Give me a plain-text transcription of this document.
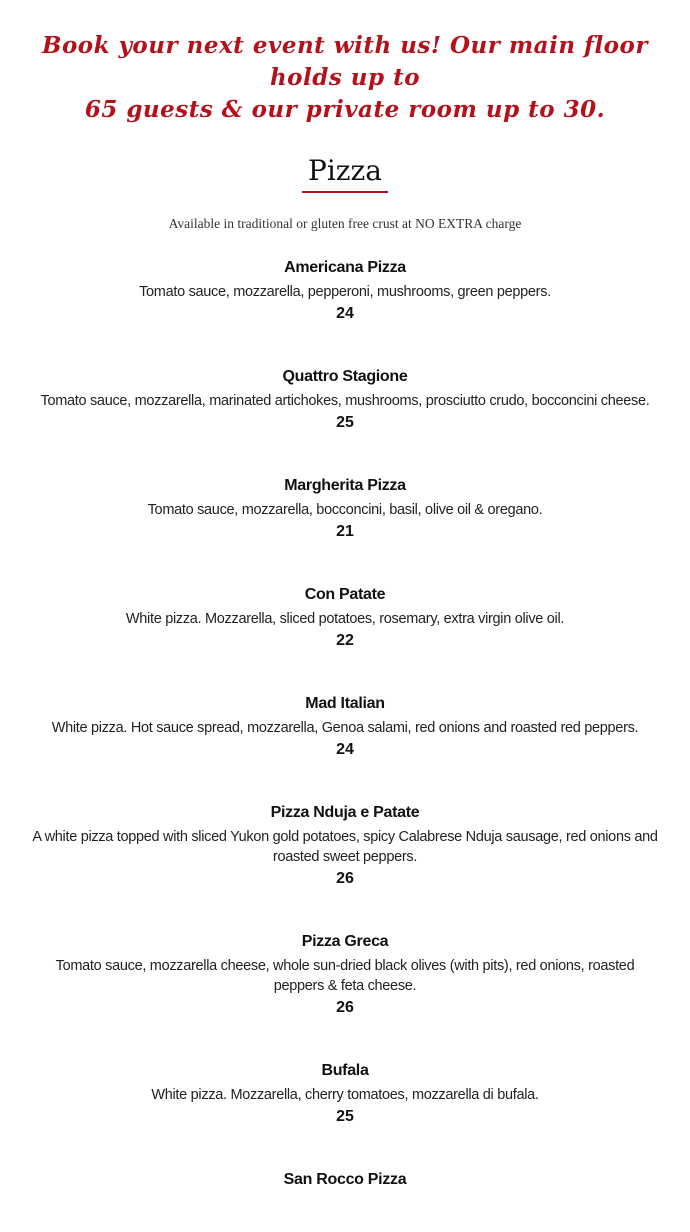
Book your next event with us! Our main floor holds up to
65 guests & our private room up to 30.
Pizza
Available in traditional or gluten free crust at NO EXTRA charge
Americana Pizza
Tomato sauce, mozzarella, pepperoni, mushrooms, green peppers.
24
Quattro Stagione
Tomato sauce, mozzarella, marinated artichokes, mushrooms, prosciutto crudo, bocconcini cheese.
25
Margherita Pizza
Tomato sauce, mozzarella, bocconcini, basil, olive oil & oregano.
21
Con Patate
White pizza. Mozzarella, sliced potatoes, rosemary, extra virgin olive oil.
22
Mad Italian
White pizza. Hot sauce spread, mozzarella, Genoa salami, red onions and roasted red peppers.
24
Pizza Nduja e Patate
A white pizza topped with sliced Yukon gold potatoes, spicy Calabrese Nduja sausage, red onions and roasted sweet peppers.
26
Pizza Greca
Tomato sauce, mozzarella cheese, whole sun-dried black olives (with pits), red onions, roasted peppers & feta cheese.
26
Bufala
White pizza. Mozzarella, cherry tomatoes, mozzarella di bufala.
25
San Rocco Pizza
